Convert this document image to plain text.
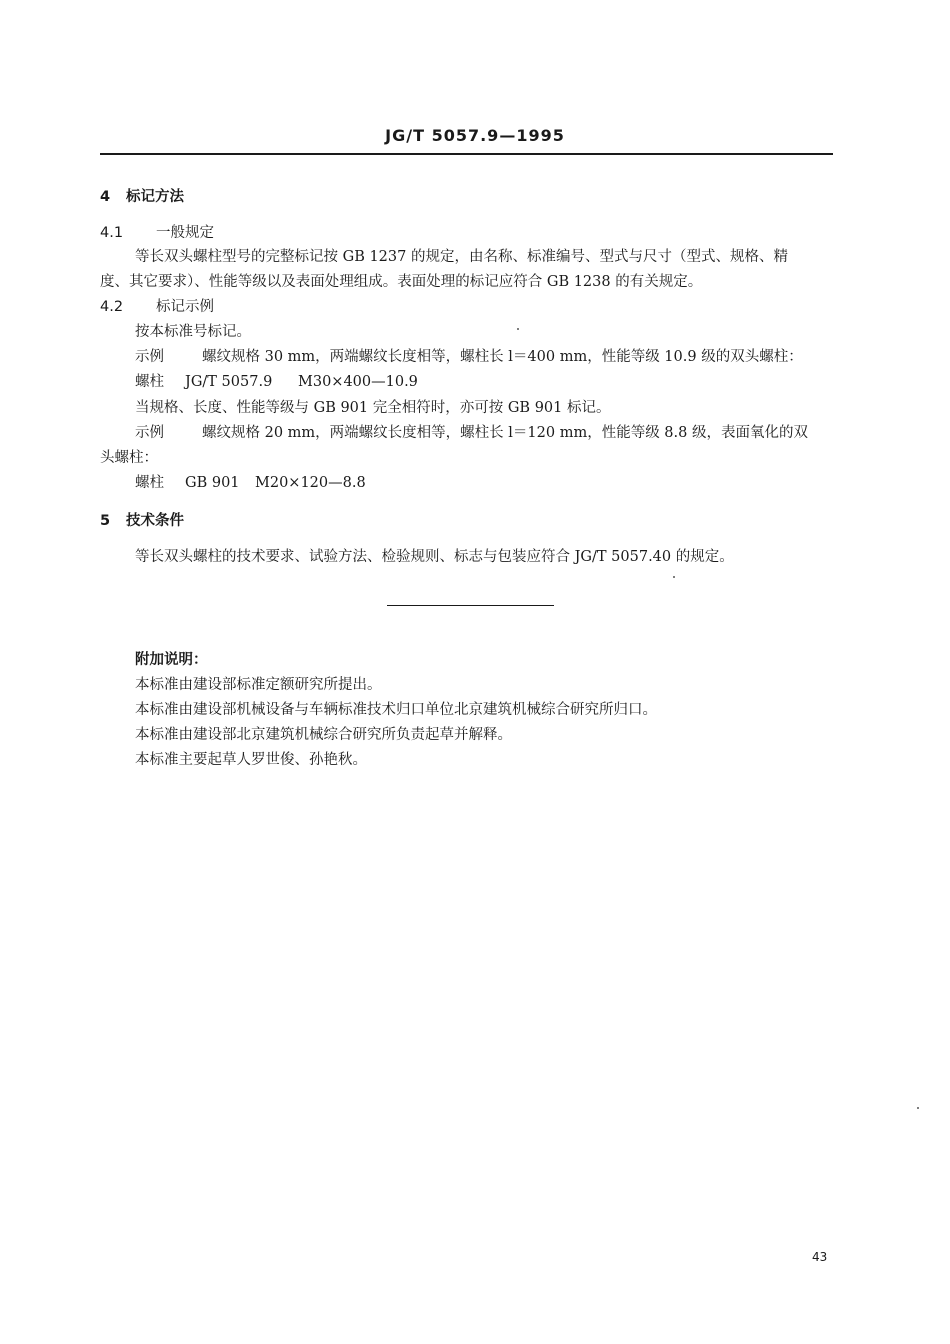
JG/T 5057.9—1995
4 标记方法
4.1 一般规定
等长双头螺柱型号的完整标记按 GB 1237 的规定，由名称、标准编号、型式与尺寸（型式、规格、精
度、其它要求）、性能等级以及表面处理组成。表面处理的标记应符合 GB 1238 的有关规定。
4.2 标记示例
按本标准号标记。
示例	螺纹规格 30 mm，两端螺纹长度相等，螺柱长 l＝400 mm，性能等级 10.9 级的双头螺柱：
螺柱 JG/T 5057.9 M30×400—10.9
当规格、长度、性能等级与 GB 901 完全相符时，亦可按 GB 901 标记。
示例	螺纹规格 20 mm，两端螺纹长度相等，螺柱长 l＝120 mm，性能等级 8.8 级，表面氧化的双
头螺柱：
螺柱 GB 901 M20×120—8.8
5 技术条件
等长双头螺柱的技术要求、试验方法、检验规则、标志与包装应符合 JG/T 5057.40 的规定。
附加说明：
本标准由建设部标准定额研究所提出。
本标准由建设部机械设备与车辆标准技术归口单位北京建筑机械综合研究所归口。
本标准由建设部北京建筑机械综合研究所负责起草并解释。
本标准主要起草人罗世俊、孙艳秋。
43
